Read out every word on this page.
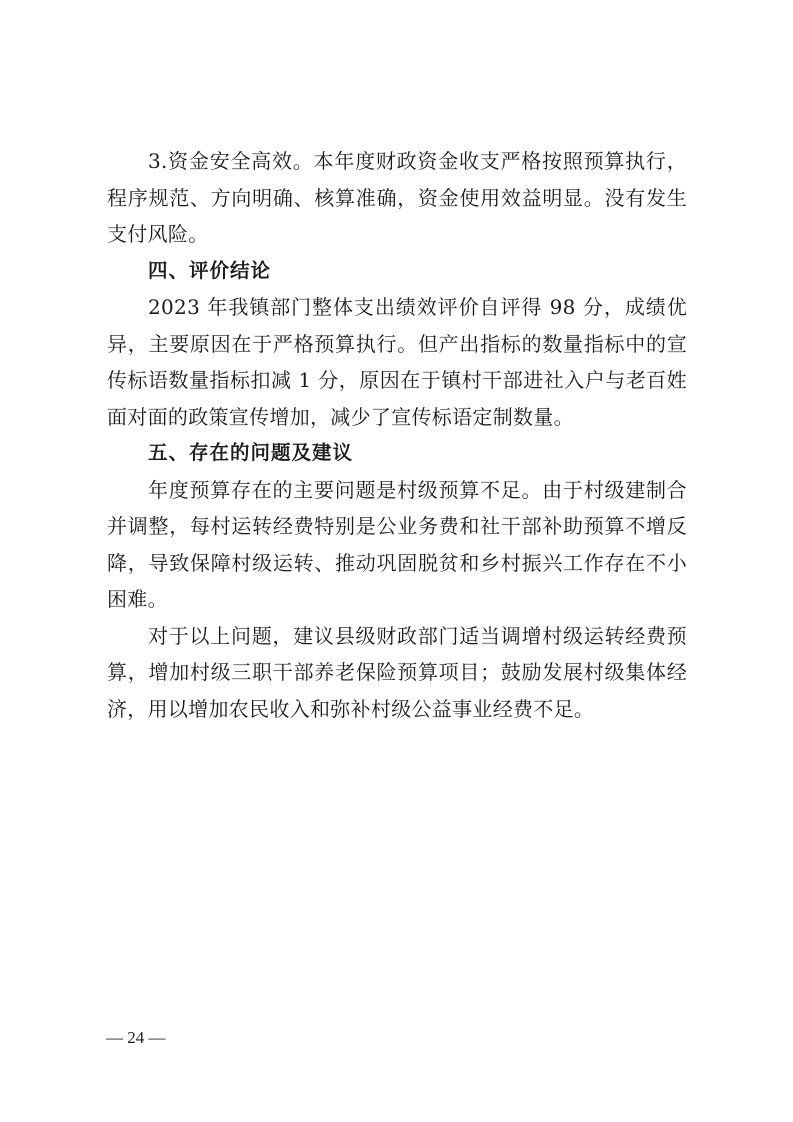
3.资金安全高效。本年度财政资金收支严格按照预算执行，程序规范、方向明确、核算准确，资金使用效益明显。没有发生支付风险。

四、评价结论

2023 年我镇部门整体支出绩效评价自评得 98 分，成绩优异，主要原因在于严格预算执行。但产出指标的数量指标中的宣传标语数量指标扣减 1 分，原因在于镇村干部进社入户与老百姓面对面的政策宣传增加，减少了宣传标语定制数量。

五、存在的问题及建议

年度预算存在的主要问题是村级预算不足。由于村级建制合并调整，每村运转经费特别是公业务费和社干部补助预算不增反降，导致保障村级运转、推动巩固脱贫和乡村振兴工作存在不小困难。

对于以上问题，建议县级财政部门适当调增村级运转经费预算，增加村级三职干部养老保险预算项目；鼓励发展村级集体经济，用以增加农民收入和弥补村级公益事业经费不足。

— 24 —
